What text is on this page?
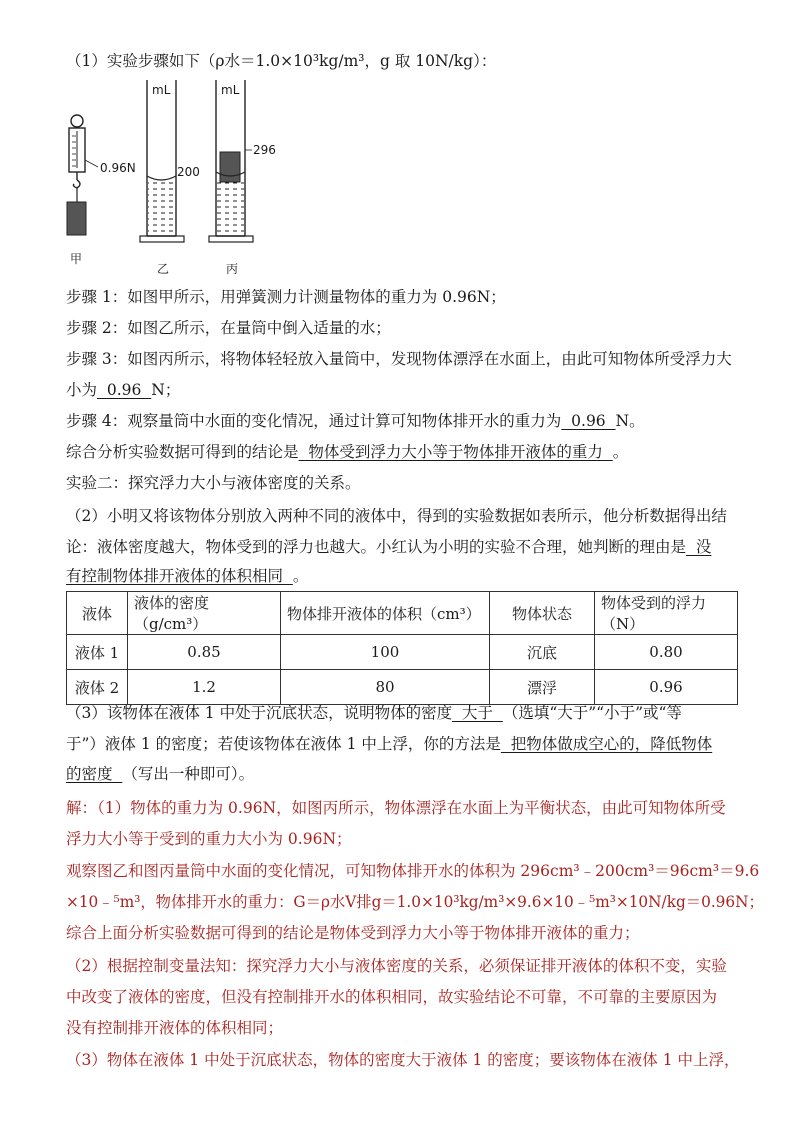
（1）实验步骤如下（ρ水＝1.0×10³kg/m³，g 取 10N/kg）：
0.96N
mL	mL
200
296
甲
乙	丙
步骤 1：如图甲所示，用弹簧测力计测量物体的重力为 0.96N；
步骤 2：如图乙所示，在量筒中倒入适量的水；
步骤 3：如图丙所示，将物体轻轻放入量筒中，发现物体漂浮在水面上，由此可知物体所受浮力大
小为  0.96  N；
步骤 4：观察量筒中水面的变化情况，通过计算可知物体排开水的重力为  0.96  N。
综合分析实验数据可得到的结论是  物体受到浮力大小等于物体排开液体的重力  。
实验二：探究浮力大小与液体密度的关系。
（2）小明又将该物体分别放入两种不同的液体中，得到的实验数据如表所示，他分析数据得出结
论：液体密度越大，物体受到的浮力也越大。小红认为小明的实验不合理，她判断的理由是  没
有控制物体排开液体的体积相同  。
液体	液体的密度（g/cm³）	物体排开液体的体积（cm³）	物体状态	物体受到的浮力（N）
液体 1	0.85	100	沉底	0.80
液体 2	1.2	80	漂浮	0.96
（3）该物体在液体 1 中处于沉底状态，说明物体的密度  大于  （选填“大于”“小于”或“等
于”）液体 1 的密度；若使该物体在液体 1 中上浮，你的方法是  把物体做成空心的，降低物体
的密度  （写出一种即可）。
解：（1）物体的重力为 0.96N，如图丙所示，物体漂浮在水面上为平衡状态，由此可知物体所受
浮力大小等于受到的重力大小为 0.96N；
观察图乙和图丙量筒中水面的变化情况，可知物体排开水的体积为 296cm³﹣200cm³＝96cm³＝9.6
×10﹣⁵m³，物体排开水的重力：G＝ρ水V排g＝1.0×10³kg/m³×9.6×10﹣⁵m³×10N/kg＝0.96N；
综合上面分析实验数据可得到的结论是物体受到浮力大小等于物体排开液体的重力；
（2）根据控制变量法知：探究浮力大小与液体密度的关系，必须保证排开液体的体积不变，实验
中改变了液体的密度，但没有控制排开水的体积相同，故实验结论不可靠，不可靠的主要原因为
没有控制排开液体的体积相同；
（3）物体在液体 1 中处于沉底状态，物体的密度大于液体 1 的密度；要该物体在液体 1 中上浮，
